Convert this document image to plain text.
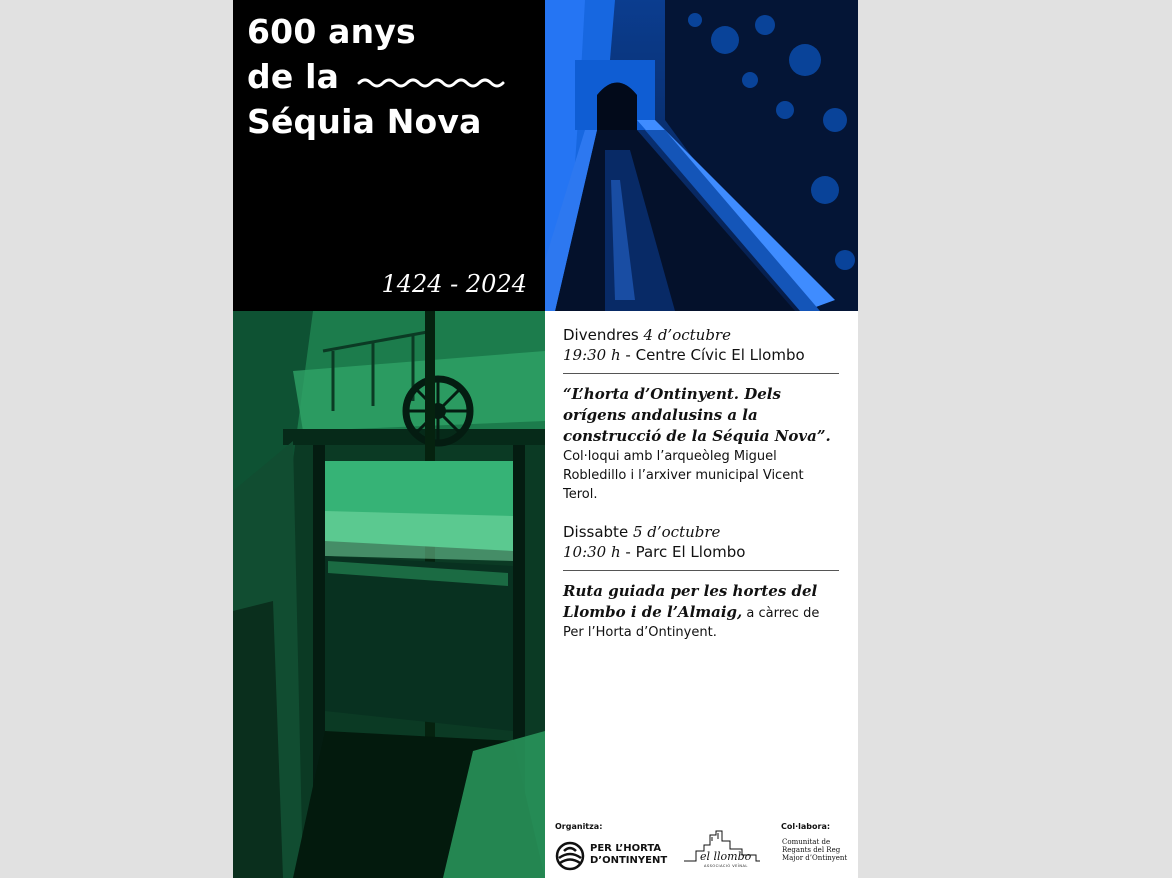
600 anys
de la
Séquia Nova
1424 - 2024
Divendres 4 d’octubre
19:30 h - Centre Cívic El Llombo
“L’horta d’Ontinyent. Dels orígens andalusins a la construcció de la Séquia Nova”. Col·loqui amb l’arqueòleg Miguel Robledillo i l’arxiver municipal Vicent Terol.
Dissabte 5 d’octubre
10:30 h - Parc El Llombo
Ruta guiada per les hortes del Llombo i de l’Almaig, a càrrec de Per l’Horta d’Ontinyent.
Organitza:
PER L’HORTA
D’ONTINYENT	el llombo
ASSOCIACIÓ VEÏNAL
Col·labora:
Comunitat de Regants del Reg Major d’Ontinyent
